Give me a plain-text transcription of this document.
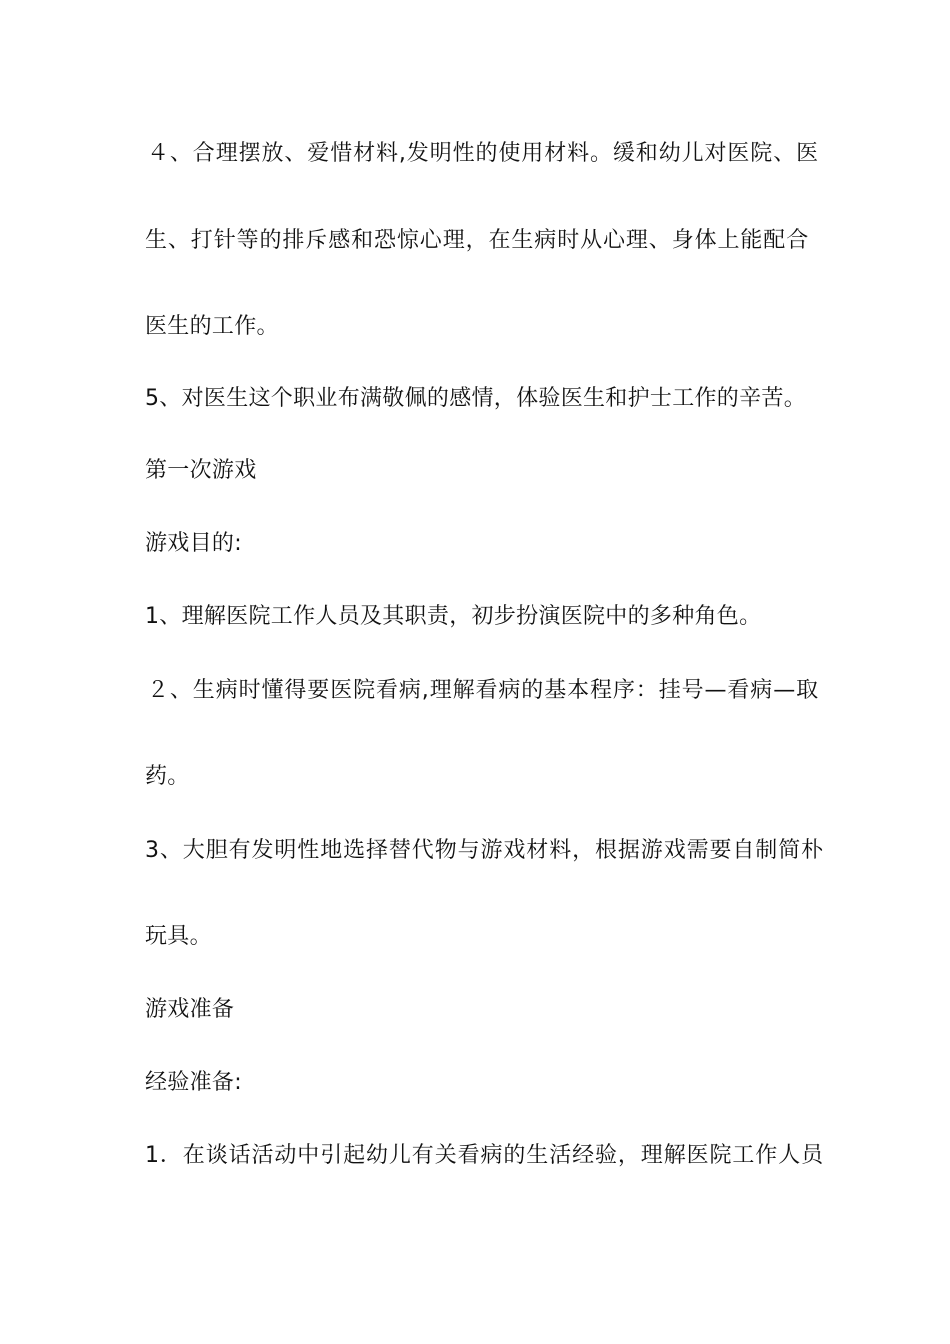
４、合理摆放、爱惜材料,发明性的使用材料。缓和幼儿对医院、医
生、打针等的排斥感和恐惊心理，在生病时从心理、身体上能配合
医生的工作。
5、对医生这个职业布满敬佩的感情，体验医生和护士工作的辛苦。
第一次游戏
游戏目的:
1、理解医院工作人员及其职责，初步扮演医院中的多种角色。
２、生病时懂得要医院看病,理解看病的基本程序：挂号—看病—取
药。
3、大胆有发明性地选择替代物与游戏材料，根据游戏需要自制简朴
玩具。
游戏准备
经验准备:
1．在谈话活动中引起幼儿有关看病的生活经验，理解医院工作人员
